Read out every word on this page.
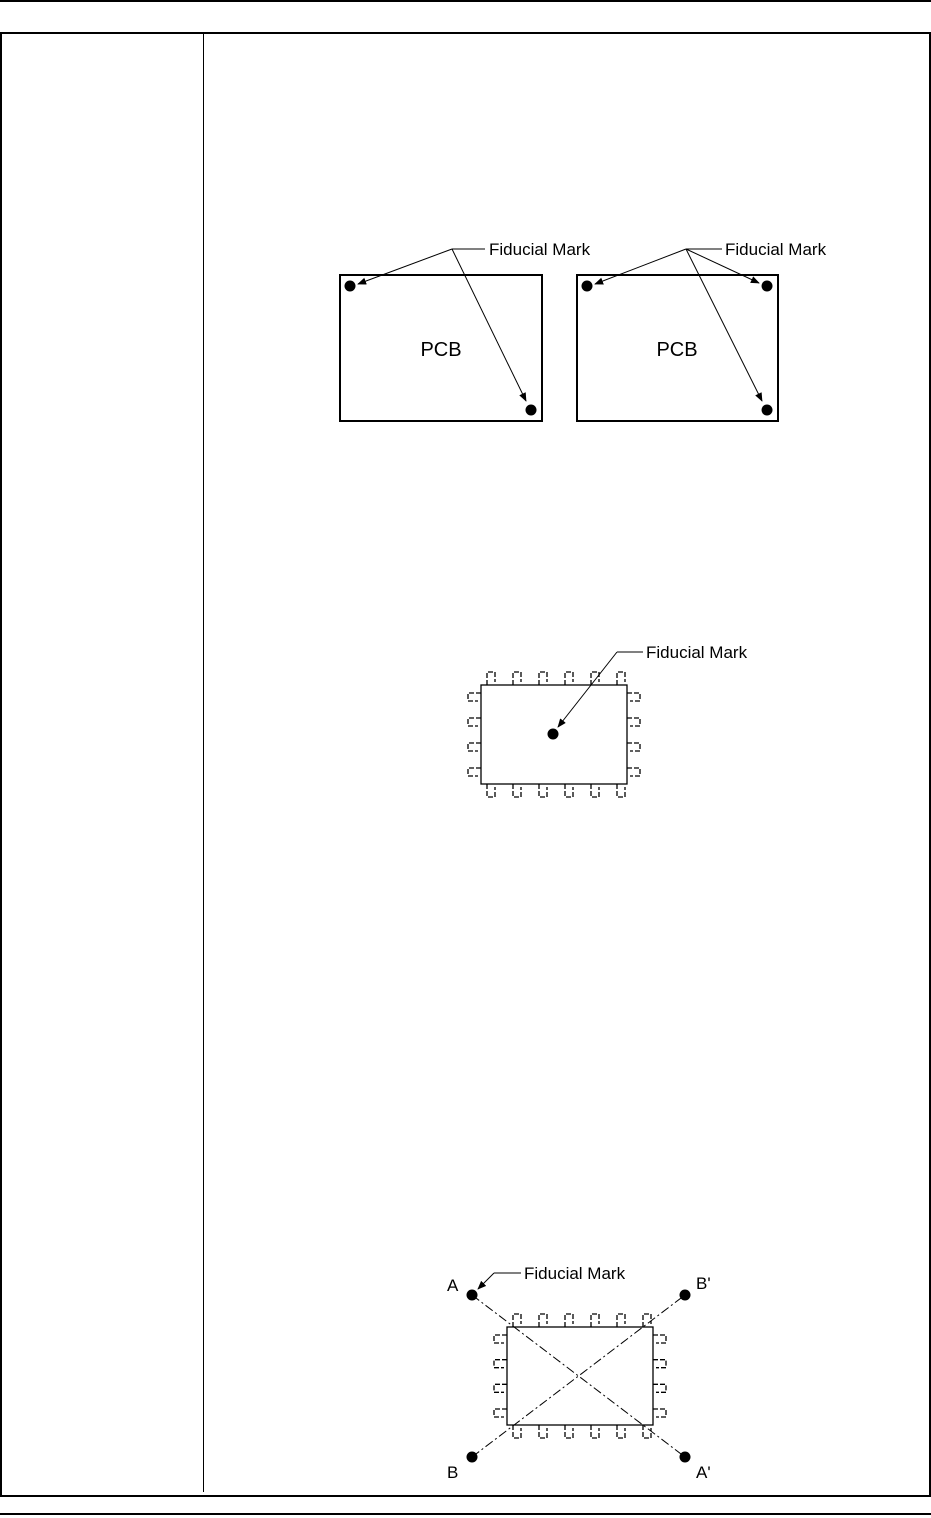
PCB
Fiducial Mark
PCB
Fiducial Mark
Fiducial Mark
Fiducial Mark
A	B'
B	A'
